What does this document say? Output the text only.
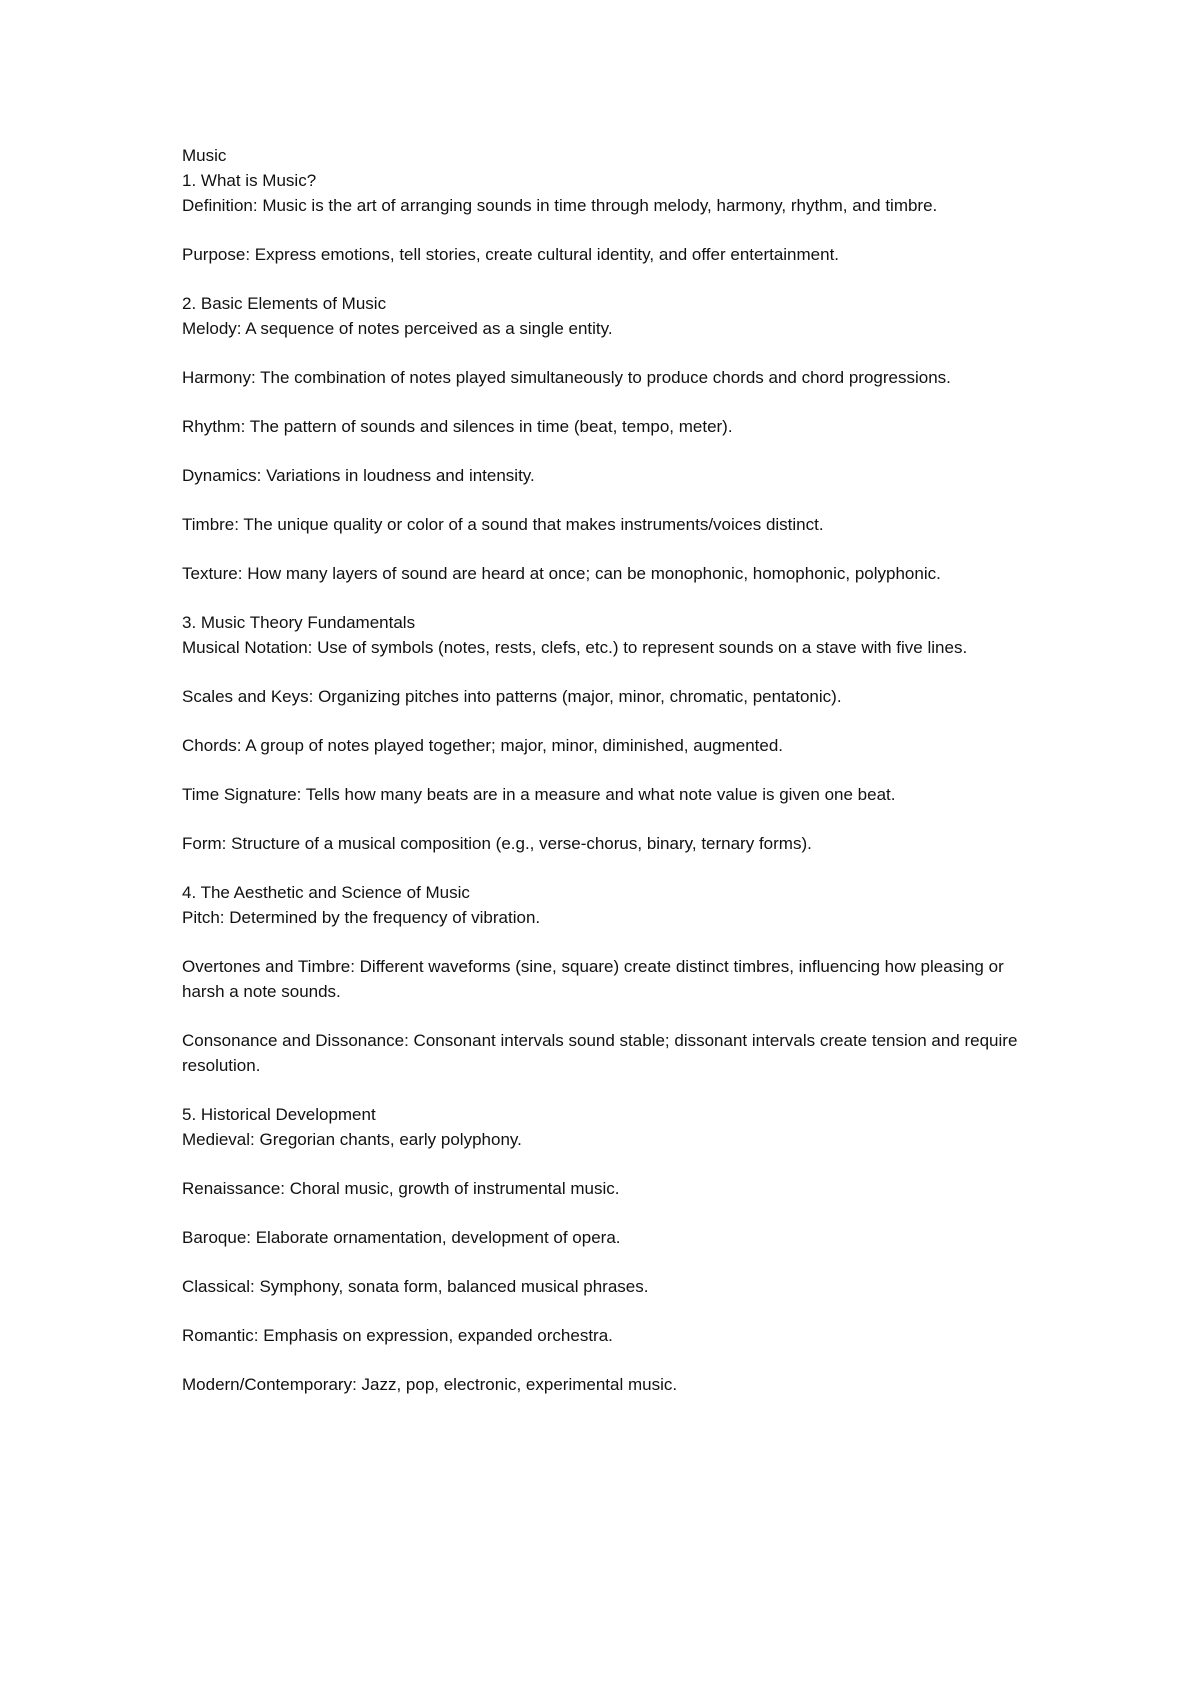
Music

1. What is Music?

Definition: Music is the art of arranging sounds in time through melody, harmony, rhythm, and timbre.

Purpose: Express emotions, tell stories, create cultural identity, and offer entertainment.

2. Basic Elements of Music

Melody: A sequence of notes perceived as a single entity.

Harmony: The combination of notes played simultaneously to produce chords and chord progressions.

Rhythm: The pattern of sounds and silences in time (beat, tempo, meter).

Dynamics: Variations in loudness and intensity.

Timbre: The unique quality or color of a sound that makes instruments/voices distinct.

Texture: How many layers of sound are heard at once; can be monophonic, homophonic, polyphonic.

3. Music Theory Fundamentals

Musical Notation: Use of symbols (notes, rests, clefs, etc.) to represent sounds on a stave with five lines.

Scales and Keys: Organizing pitches into patterns (major, minor, chromatic, pentatonic).

Chords: A group of notes played together; major, minor, diminished, augmented.

Time Signature: Tells how many beats are in a measure and what note value is given one beat.

Form: Structure of a musical composition (e.g., verse-chorus, binary, ternary forms).

4. The Aesthetic and Science of Music

Pitch: Determined by the frequency of vibration.

Overtones and Timbre: Different waveforms (sine, square) create distinct timbres, influencing how pleasing or harsh a note sounds.

Consonance and Dissonance: Consonant intervals sound stable; dissonant intervals create tension and require resolution.

5. Historical Development

Medieval: Gregorian chants, early polyphony.

Renaissance: Choral music, growth of instrumental music.

Baroque: Elaborate ornamentation, development of opera.

Classical: Symphony, sonata form, balanced musical phrases.

Romantic: Emphasis on expression, expanded orchestra.

Modern/Contemporary: Jazz, pop, electronic, experimental music.
